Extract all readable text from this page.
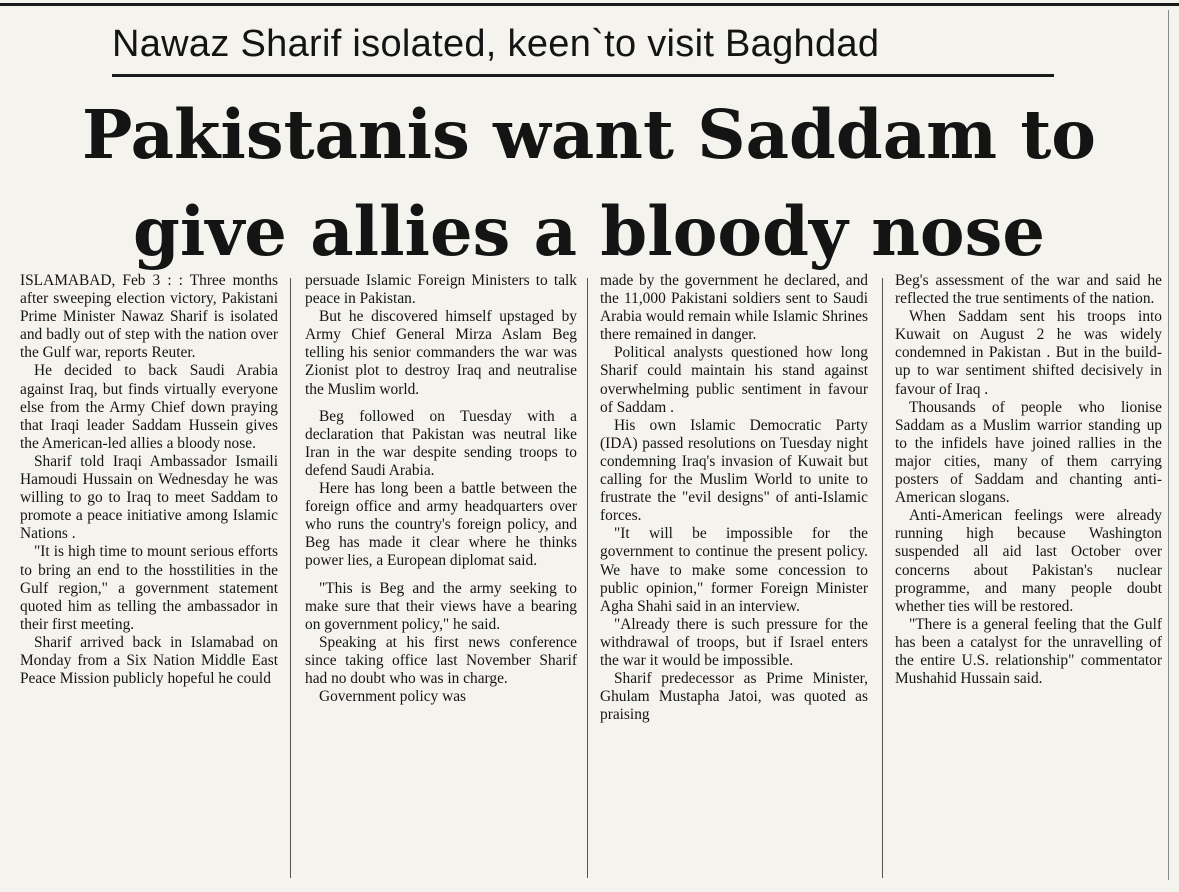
Nawaz Sharif isolated, keen`to visit Baghdad
Pakistanis want Saddam to
give allies a bloody nose

ISLAMABAD, Feb 3 : : Three months after sweeping election victory, Pakistani Prime Minister Nawaz Sharif is isolated and badly out of step with the nation over the Gulf war, reports Reuter.

He decided to back Saudi Arabia against Iraq, but finds virtually everyone else from the Army Chief down praying that Iraqi leader Saddam Hussein gives the American-led allies a bloody nose.

Sharif told Iraqi Ambassador Ismaili Hamoudi Hussain on Wednesday he was willing to go to Iraq to meet Saddam to promote a peace initiative among Islamic Nations .

"It is high time to mount serious efforts to bring an end to the hosstilities in the Gulf region," a government statement quoted him as telling the ambassador in their first meeting.

Sharif arrived back in Islamabad on Monday from a Six Nation Middle East Peace Mission publicly hopeful he could

persuade Islamic Foreign Ministers to talk peace in Pakistan.

But he discovered himself upstaged by Army Chief General Mirza Aslam Beg telling his senior commanders the war was Zionist plot to destroy Iraq and neutralise the Muslim world.

Beg followed on Tuesday with a declaration that Pakistan was neutral like Iran in the war despite sending troops to defend Saudi Arabia.

Here has long been a battle between the foreign office and army headquarters over who runs the country's foreign policy, and Beg has made it clear where he thinks power lies, a European diplomat said.

"This is Beg and the army seeking to make sure that their views have a bearing on government policy," he said.

Speaking at his first news conference since taking office last November Sharif had no doubt who was in charge.

Government policy was

made by the government he declared, and the 11,000 Pakistani soldiers sent to Saudi Arabia would remain while Islamic Shrines there remained in danger.

Political analysts questioned how long Sharif could maintain his stand against overwhelming public sentiment in favour of Saddam .

His own Islamic Democratic Party (IDA) passed resolutions on Tuesday night condemning Iraq's invasion of Kuwait but calling for the Muslim World to unite to frustrate the "evil designs" of anti-Islamic forces.

"It will be impossible for the government to continue the present policy. We have to make some concession to public opinion," former Foreign Minister Agha Shahi said in an interview.

"Already there is such pressure for the withdrawal of troops, but if Israel enters the war it would be impossible.

Sharif predecessor as Prime Minister, Ghulam Mustapha Jatoi, was quoted as praising

Beg's assessment of the war and said he reflected the true sentiments of the nation.

When Saddam sent his troops into Kuwait on August 2 he was widely condemned in Pakistan . But in the build-up to war sentiment shifted decisively in favour of Iraq .

Thousands of people who lionise Saddam as a Muslim warrior standing up to the infidels have joined rallies in the major cities, many of them carrying posters of Saddam and chanting anti-American slogans.

Anti-American feelings were already running high because Washington suspended all aid last October over concerns about Pakistan's nuclear programme, and many people doubt whether ties will be restored.

"There is a general feeling that the Gulf has been a catalyst for the unravelling of the entire U.S. relationship" commentator Mushahid Hussain said.
